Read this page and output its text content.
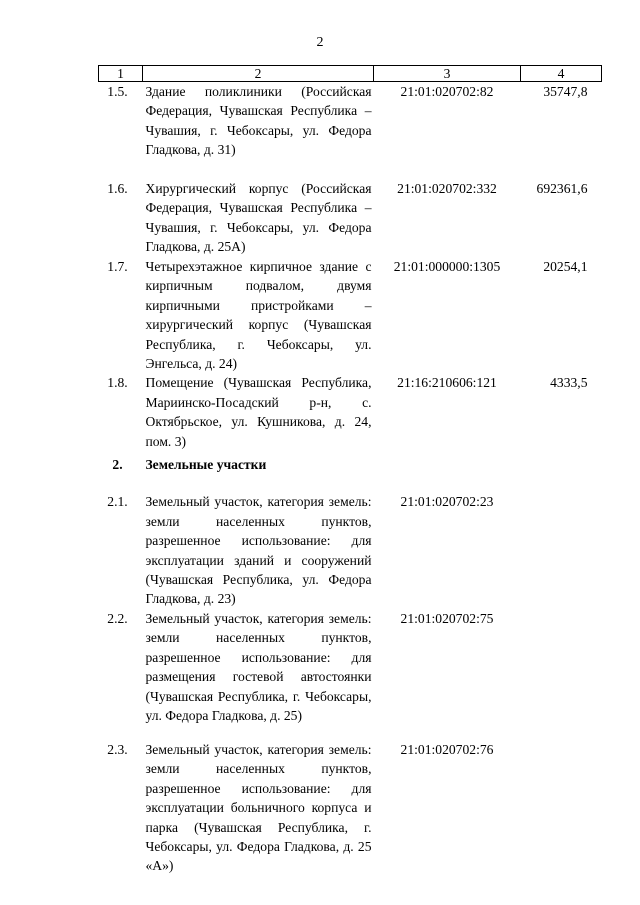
2
1	2	3	4
1.5.	Здание поликлиники (Российская Федерация, Чувашская Республика – Чувашия, г. Чебоксары, ул. Федора Гладкова, д. 31)	21:01:020702:82	35747,8
1.6.	Хирургический корпус (Российская Федерация, Чувашская Республика – Чувашия, г. Чебоксары, ул. Федора Гладкова, д. 25А)	21:01:020702:332	692361,6
1.7.	Четырехэтажное кирпичное здание с кирпичным подвалом, двумя кирпичными пристройками – хирургический корпус (Чувашская Республика, г. Чебоксары, ул. Энгельса, д. 24)	21:01:000000:1305	20254,1
1.8.	Помещение (Чувашская Республика, Мариинско-Посадский р-н, с. Октябрьское, ул. Кушникова, д. 24, пом. 3)	21:16:210606:121	4333,5
2.	Земельные участки		
2.1.	Земельный участок, категория земель: земли населенных пунктов, разрешенное использование: для эксплуатации зданий и сооружений (Чувашская Республика, ул. Федора Гладкова, д. 23)	21:01:020702:23	
2.2.	Земельный участок, категория земель: земли населенных пунктов, разрешенное использование: для размещения гостевой автостоянки (Чувашская Республика, г. Чебоксары, ул. Федора Гладкова, д. 25)	21:01:020702:75	
2.3.	Земельный участок, категория земель: земли населенных пунктов, разрешенное использование: для эксплуатации больничного корпуса и парка (Чувашская Республика, г. Чебоксары, ул. Федора Гладкова, д. 25 «А»)	21:01:020702:76	
